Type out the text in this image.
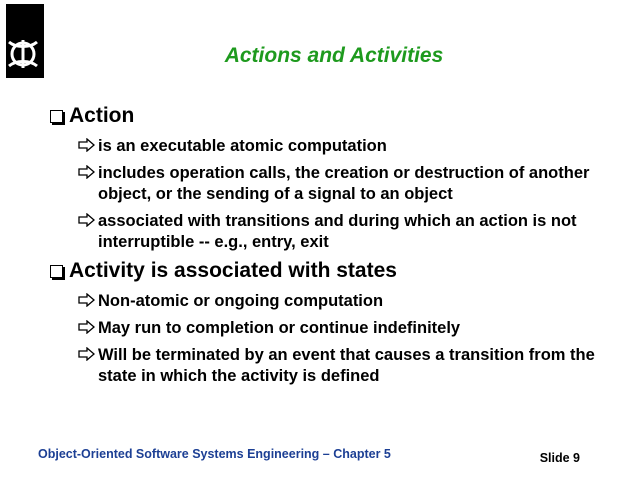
Actions and Activities
Action
is an executable atomic computation
includes operation calls, the creation or destruction of another object, or the sending of a signal to an object
associated with transitions and during which an action is not interruptible -- e.g., entry, exit
Activity is associated with states
Non-atomic or ongoing computation
May run to completion or continue indefinitely
Will be terminated by an event that causes a transition from the state in which the activity is defined
Object-Oriented Software Systems Engineering – Chapter 5	Slide 9
